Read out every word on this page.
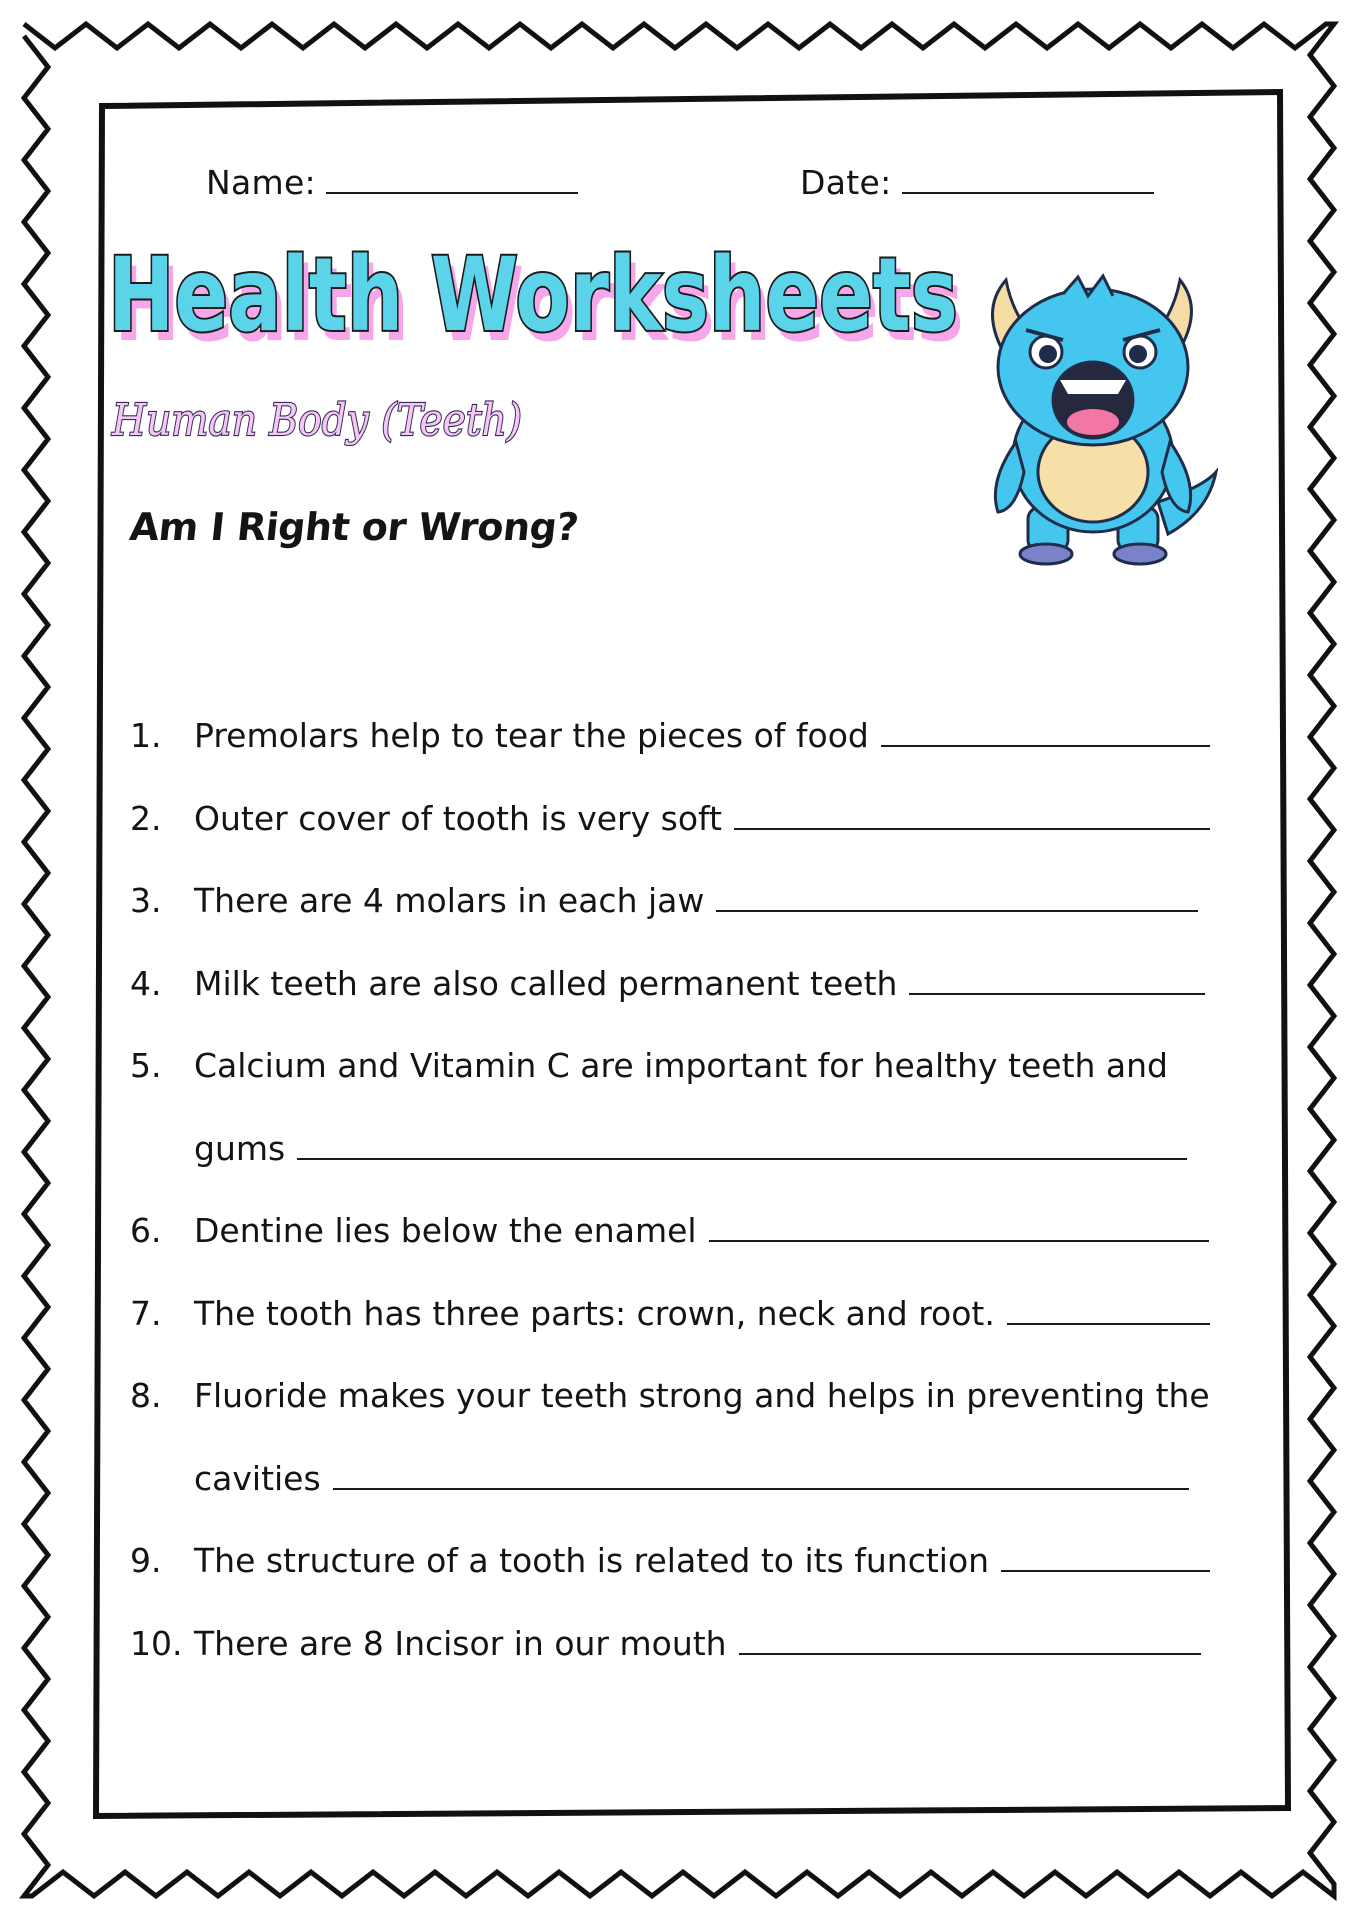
Name:	Date:
Health Worksheets
Health Worksheets
Human Body (Teeth)
Am I Right or Wrong?
1. Premolars help to tear the pieces of food
2. Outer cover of tooth is very soft
3. There are 4 molars in each jaw
4. Milk teeth are also called permanent teeth
5. Calcium and Vitamin C are important for healthy teeth and
gums
6. Dentine lies below the enamel
7. The tooth has three parts: crown, neck and root.
8. Fluoride makes your teeth strong and helps in preventing the
cavities
9. The structure of a tooth is related to its function
10. There are 8 Incisor in our mouth
